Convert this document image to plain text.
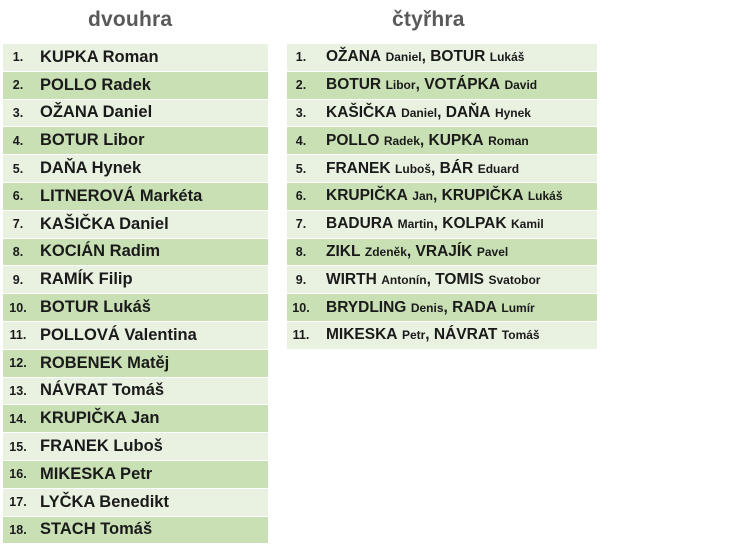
dvouhra	čtyřhra
1.	KUPKA Roman
2.	POLLO Radek
3.	OŽANA Daniel
4.	BOTUR Libor
5.	DAŇA Hynek
6.	LITNEROVÁ Markéta
7.	KAŠIČKA Daniel
8.	KOCIÁN Radim
9.	RAMÍK Filip
10. BOTUR Lukáš
11. POLLOVÁ Valentina
12. ROBENEK Matěj
13. NÁVRAT Tomáš
14. KRUPIČKA Jan
15. FRANEK Luboš
16. MIKESKA Petr
17. LYČKA Benedikt
18. STACH Tomáš
1.	OŽANA Daniel, BOTUR Lukáš
2.	BOTUR Libor, VOTÁPKA David
3.	KAŠIČKA Daniel, DAŇA Hynek
4.	POLLO Radek, KUPKA Roman
5.	FRANEK Luboš, BÁR Eduard
6.	KRUPIČKA Jan, KRUPIČKA Lukáš
7.	BADURA Martin, KOLPAK Kamil
8.	ZIKL Zdeněk, VRAJÍK Pavel
9.	WIRTH Antonín, TOMIS Svatobor
10.	BRYDLING Denis, RADA Lumír
11.	MIKESKA Petr, NÁVRAT Tomáš
